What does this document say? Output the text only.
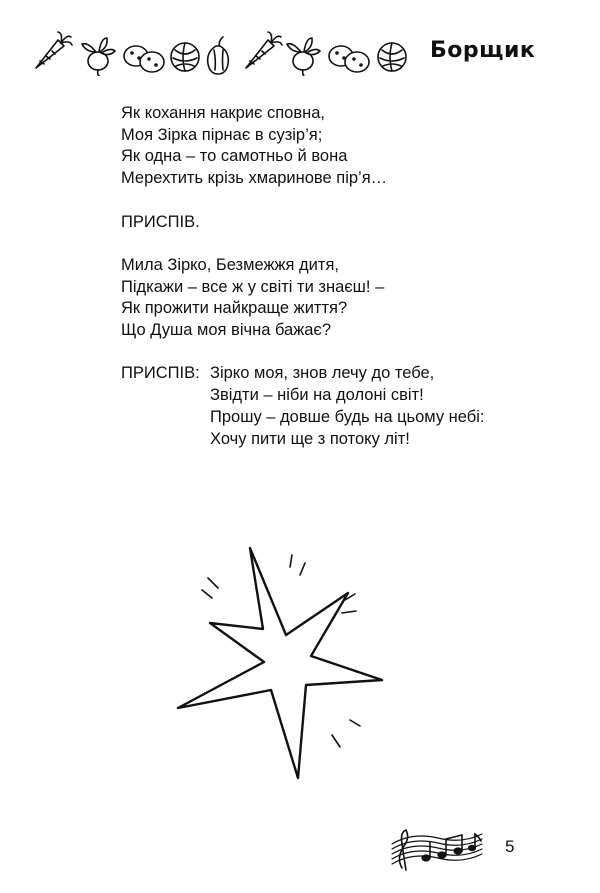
Борщик
Як кохання накриє сповна,
Моя Зірка пірнає в сузір’я;
Як одна – то самотньо й вона
Мерехтить крізь хмаринове пір’я…
ПРИСПІВ.
Мила Зірко, Безмежжя дитя,
Підкажи – все ж у світі ти знаєш! –
Як прожити найкраще життя?
Що Душа моя вічна бажає?
ПРИСПІВ: Зірко моя, знов лечу до тебе,
Звідти – ніби на долоні світ!
Прошу – довше будь на цьому небі:
Хочу пити ще з потоку літ!
5
